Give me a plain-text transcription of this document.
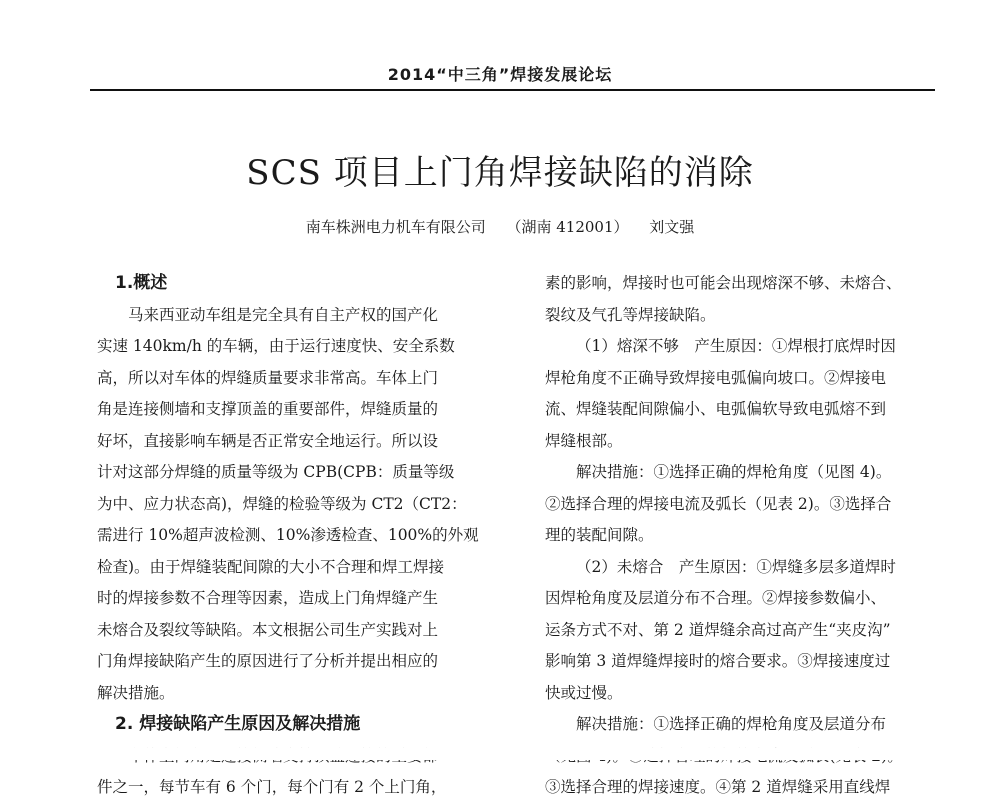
2014“中三角”焊接发展论坛
SCS 项目上门角焊接缺陷的消除
南车株洲电力机车有限公司 （湖南 412001） 刘文强
1.概述
马来西亚动车组是完全具有自主产权的国产化
实速 140km/h 的车辆，由于运行速度快、安全系数
高，所以对车体的焊缝质量要求非常高。车体上门
角是连接侧墙和支撑顶盖的重要部件，焊缝质量的
好坏，直接影响车辆是否正常安全地运行。所以设
计对这部分焊缝的质量等级为 CPB(CPB：质量等级
为中、应力状态高)，焊缝的检验等级为 CT2（CT2：
需进行 10%超声波检测、10%渗透检查、100%的外观
检查)。由于焊缝装配间隙的大小不合理和焊工焊接
时的焊接参数不合理等因素，造成上门角焊缝产生
未熔合及裂纹等缺陷。本文根据公司生产实践对上
门角焊接缺陷产生的原因进行了分析并提出相应的
解决措施。
2. 焊接缺陷产生原因及解决措施
件之一，每节车有 6 个门，每个门有 2 个上门角，
素的影响，焊接时也可能会出现熔深不够、未熔合、
裂纹及气孔等焊接缺陷。
（1）熔深不够　产生原因：①焊根打底焊时因
焊枪角度不正确导致焊接电弧偏向坡口。②焊接电
流、焊缝装配间隙偏小、电弧偏软导致电弧熔不到
焊缝根部。
解决措施：①选择正确的焊枪角度（见图 4)。
②选择合理的焊接电流及弧长（见表 2)。③选择合
理的装配间隙。
（2）未熔合　产生原因：①焊缝多层多道焊时
因焊枪角度及层道分布不合理。②焊接参数偏小、
运条方式不对、第 2 道焊缝余高过高产生“夹皮沟”
影响第 3 道焊缝焊接时的熔合要求。③焊接速度过
快或过慢。
解决措施：①选择正确的焊枪角度及层道分布
③选择合理的焊接速度。④第 2 道焊缝采用直线焊
